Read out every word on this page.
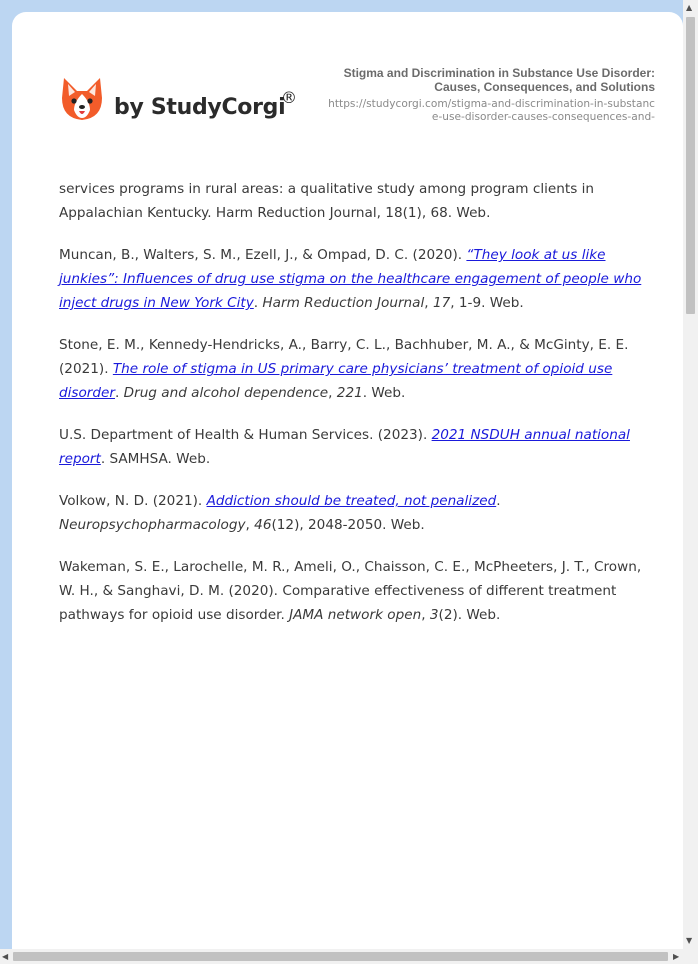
by StudyCorgi
®
Stigma and Discrimination in Substance Use Disorder: Causes, Consequences, and Solutions
https://studycorgi.com/stigma-and-discrimination-in-substance-use-disorder-causes-consequences-and-

services programs in rural areas: a qualitative study among program clients in Appalachian Kentucky. Harm Reduction Journal, 18(1), 68. Web.

Muncan, B., Walters, S. M., Ezell, J., & Ompad, D. C. (2020). “They look at us like junkies”: Influences of drug use stigma on the healthcare engagement of people who inject drugs in New York City. Harm Reduction Journal, 17, 1-9. Web.

Stone, E. M., Kennedy-Hendricks, A., Barry, C. L., Bachhuber, M. A., & McGinty, E. E. (2021). The role of stigma in US primary care physicians’ treatment of opioid use disorder. Drug and alcohol dependence, 221. Web.

U.S. Department of Health & Human Services. (2023). 2021 NSDUH annual national report. SAMHSA. Web.

Volkow, N. D. (2021). Addiction should be treated, not penalized. Neuropsychopharmacology, 46(12), 2048-2050. Web.

Wakeman, S. E., Larochelle, M. R., Ameli, O., Chaisson, C. E., McPheeters, J. T., Crown, W. H., & Sanghavi, D. M. (2020). Comparative effectiveness of different treatment pathways for opioid use disorder. JAMA network open, 3(2). Web.

▲
▼
◀	▶
